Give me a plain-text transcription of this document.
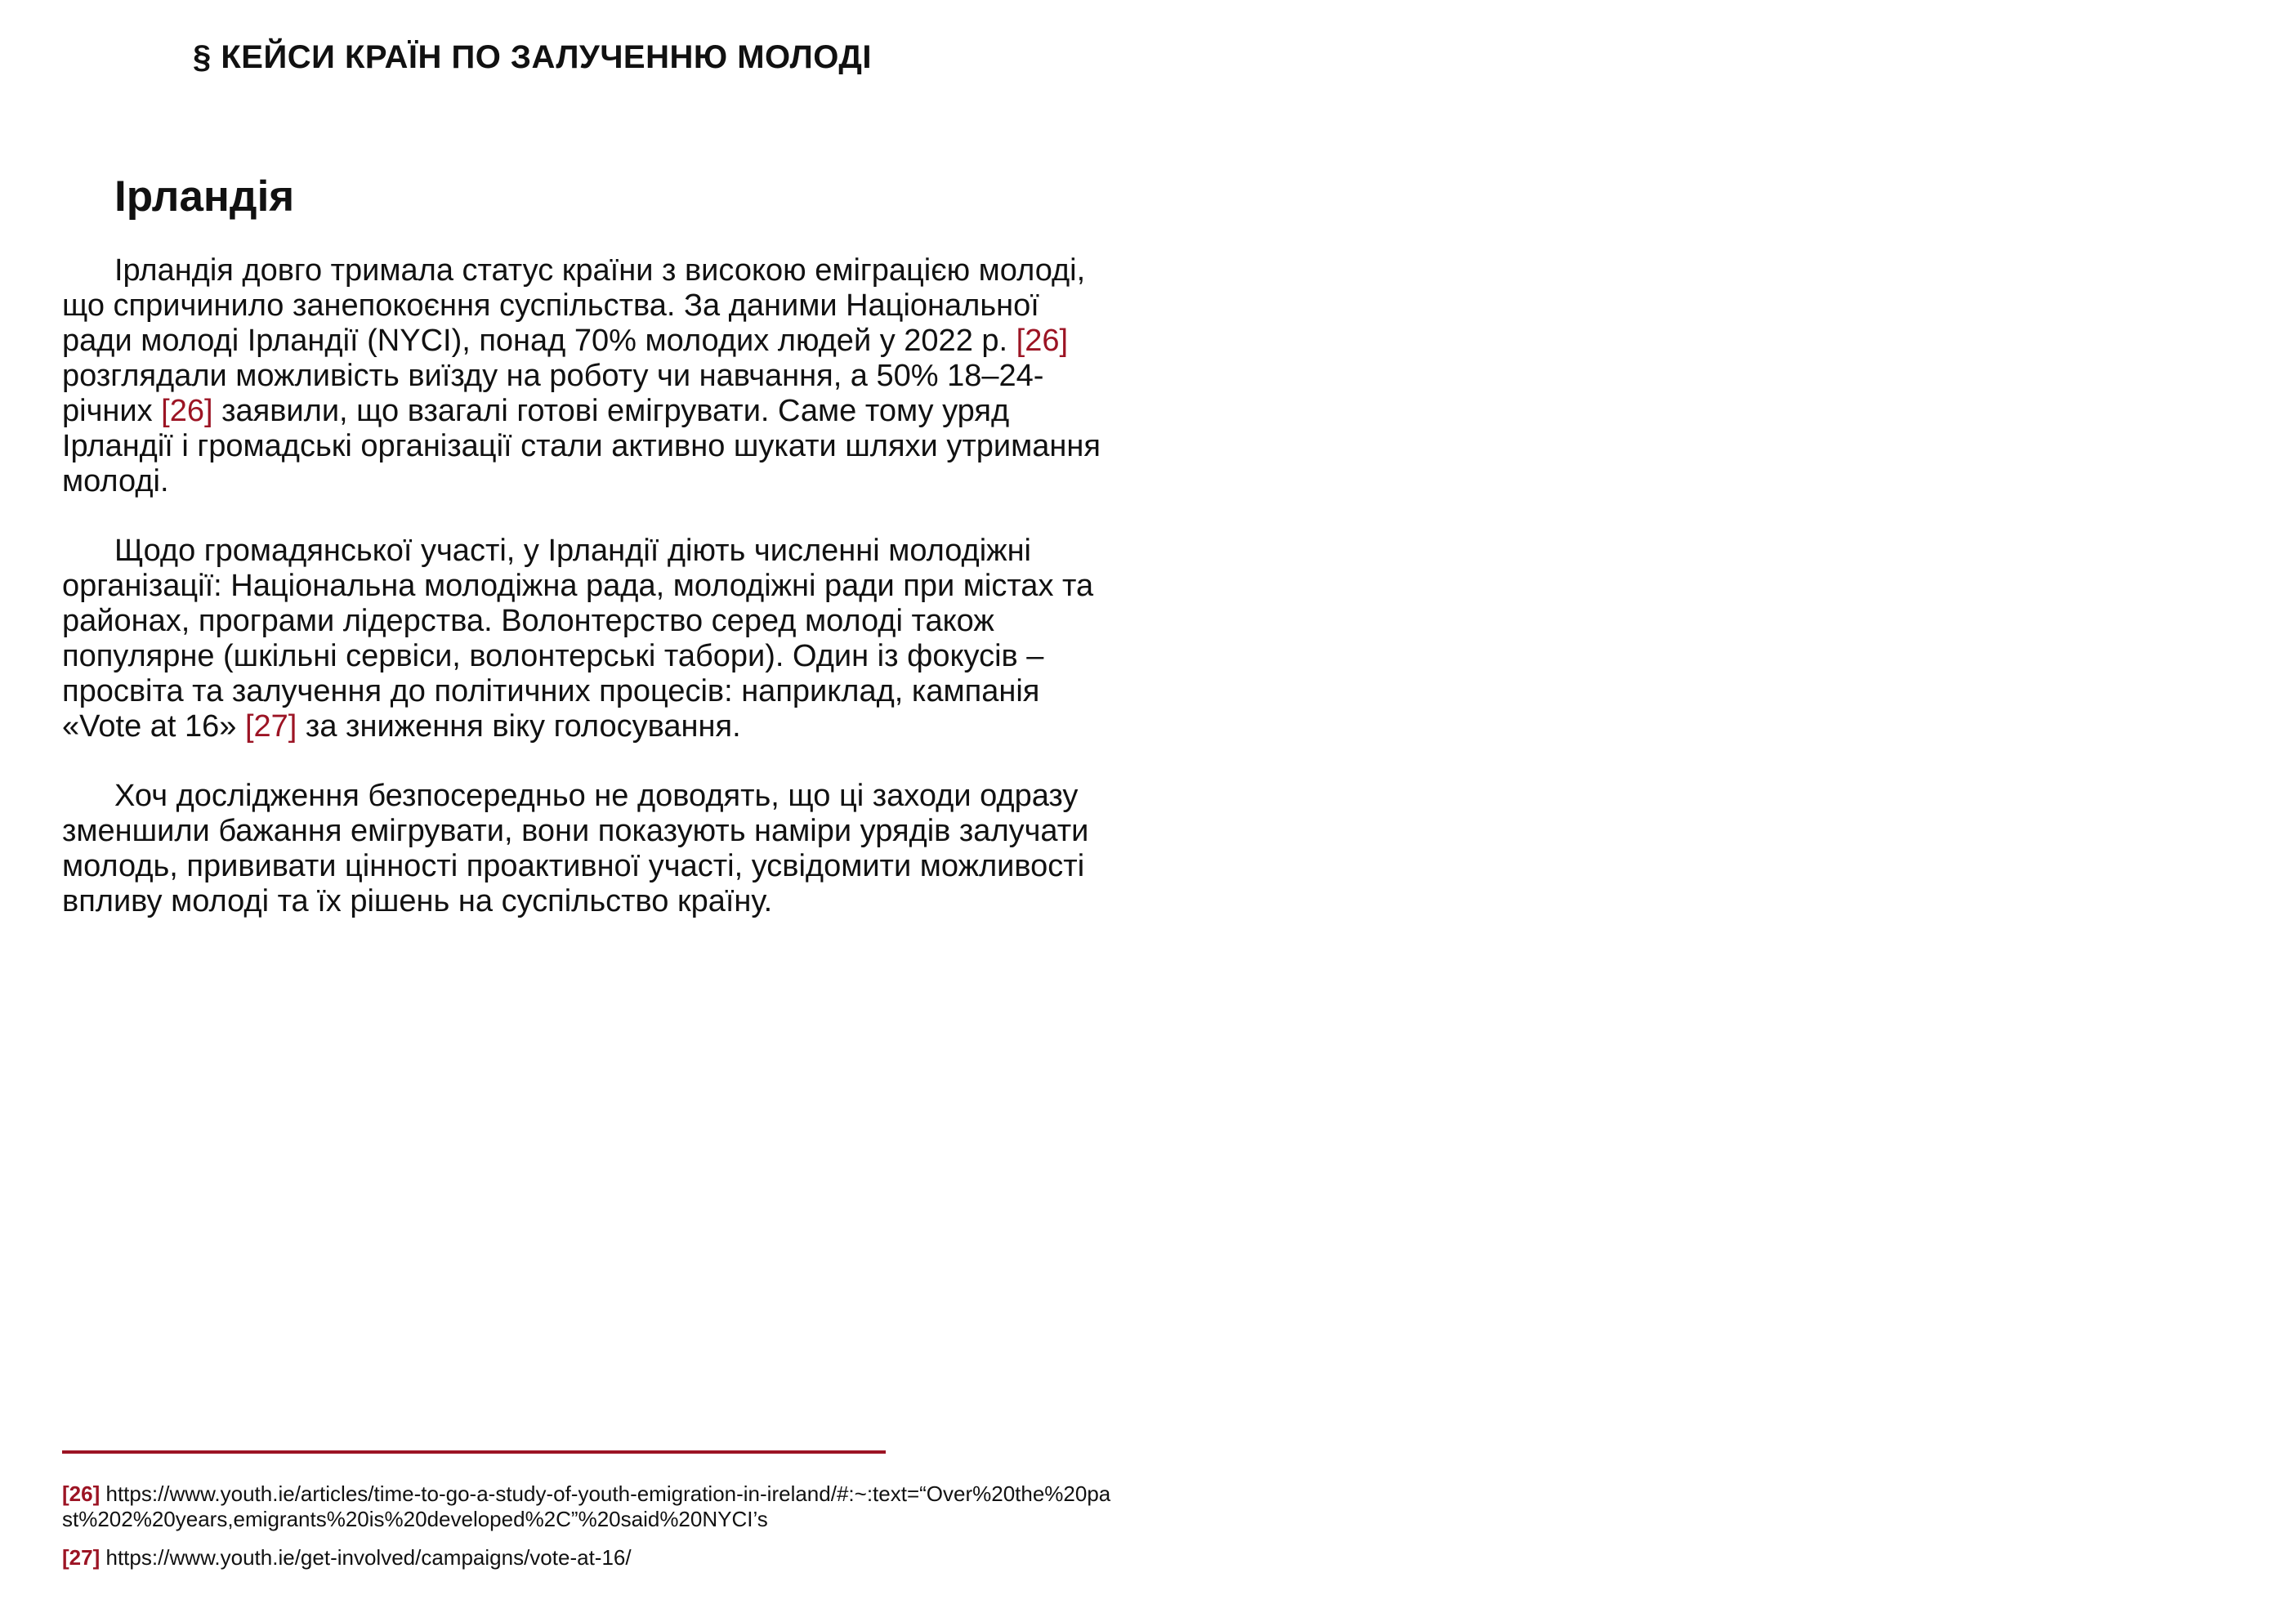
§ КЕЙСИ КРАЇН ПО ЗАЛУЧЕННЮ МОЛОДІ
Ірландія

Ірландія довго тримала статус країни з високою еміграцією молоді, що спричинило занепокоєння суспільства. За даними Національної ради молоді Ірландії (NYCI), понад 70% молодих людей у 2022 р. [26] розглядали можливість виїзду на роботу чи навчання, а 50% 18–24-річних [26] заявили, що взагалі готові емігрувати. Саме тому уряд Ірландії і громадські організації стали активно шукати шляхи утримання молоді.

Щодо громадянської участі, у Ірландії діють численні молодіжні організації: Національна молодіжна рада, молодіжні ради при містах та районах, програми лідерства. Волонтерство серед молоді також популярне (шкільні сервіси, волонтерські табори). Один із фокусів – просвіта та залучення до політичних процесів: наприклад, кампанія «Vote at 16» [27] за зниження віку голосування.

Хоч дослідження безпосередньо не доводять, що ці заходи одразу зменшили бажання емігрувати, вони показують наміри урядів залучати молодь, прививати цінності проактивної участі, усвідомити можливості впливу молоді та їх рішень на суспільство країну.

[26] https://www.youth.ie/articles/time-to-go-a-study-of-youth-emigration-in-ireland/#:~:text=“Over%20the%20past%202%20years,emigrants%20is%20developed%2C”%20said%20NYCI’s

[27] https://www.youth.ie/get-involved/campaigns/vote-at-16/
